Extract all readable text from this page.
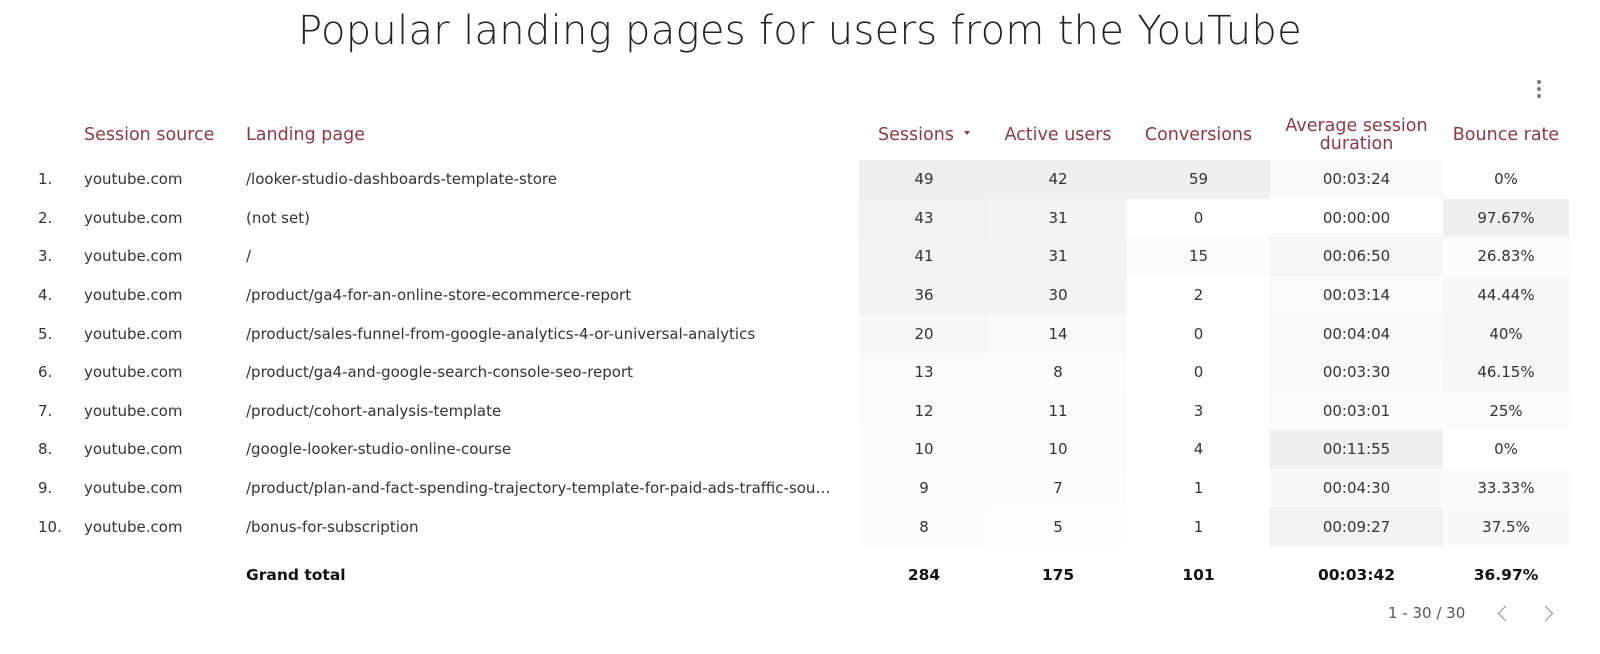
Popular landing pages for users from the YouTube
	Session source	Landing page	Sessions	Active users	Conversions	Average session duration	Bounce rate
1.	youtube.com	/looker-studio-dashboards-template-store	49	42	59	00:03:24	0%
2.	youtube.com	(not set)	43	31	0	00:00:00	97.67%
3.	youtube.com	/	41	31	15	00:06:50	26.83%
4.	youtube.com	/product/ga4-for-an-online-store-ecommerce-report	36	30	2	00:03:14	44.44%
5.	youtube.com	/product/sales-funnel-from-google-analytics-4-or-universal-analytics	20	14	0	00:04:04	40%
6.	youtube.com	/product/ga4-and-google-search-console-seo-report	13	8	0	00:03:30	46.15%
7.	youtube.com	/product/cohort-analysis-template	12	11	3	00:03:01	25%
8.	youtube.com	/google-looker-studio-online-course	10	10	4	00:11:55	0%
9.	youtube.com	/product/plan-and-fact-spending-trajectory-template-for-paid-ads-traffic-sou…	9	7	1	00:04:30	33.33%
10.	youtube.com	/bonus-for-subscription	8	5	1	00:09:27	37.5%
		Grand total	284	175	101	00:03:42	36.97%
1 - 30 / 30
